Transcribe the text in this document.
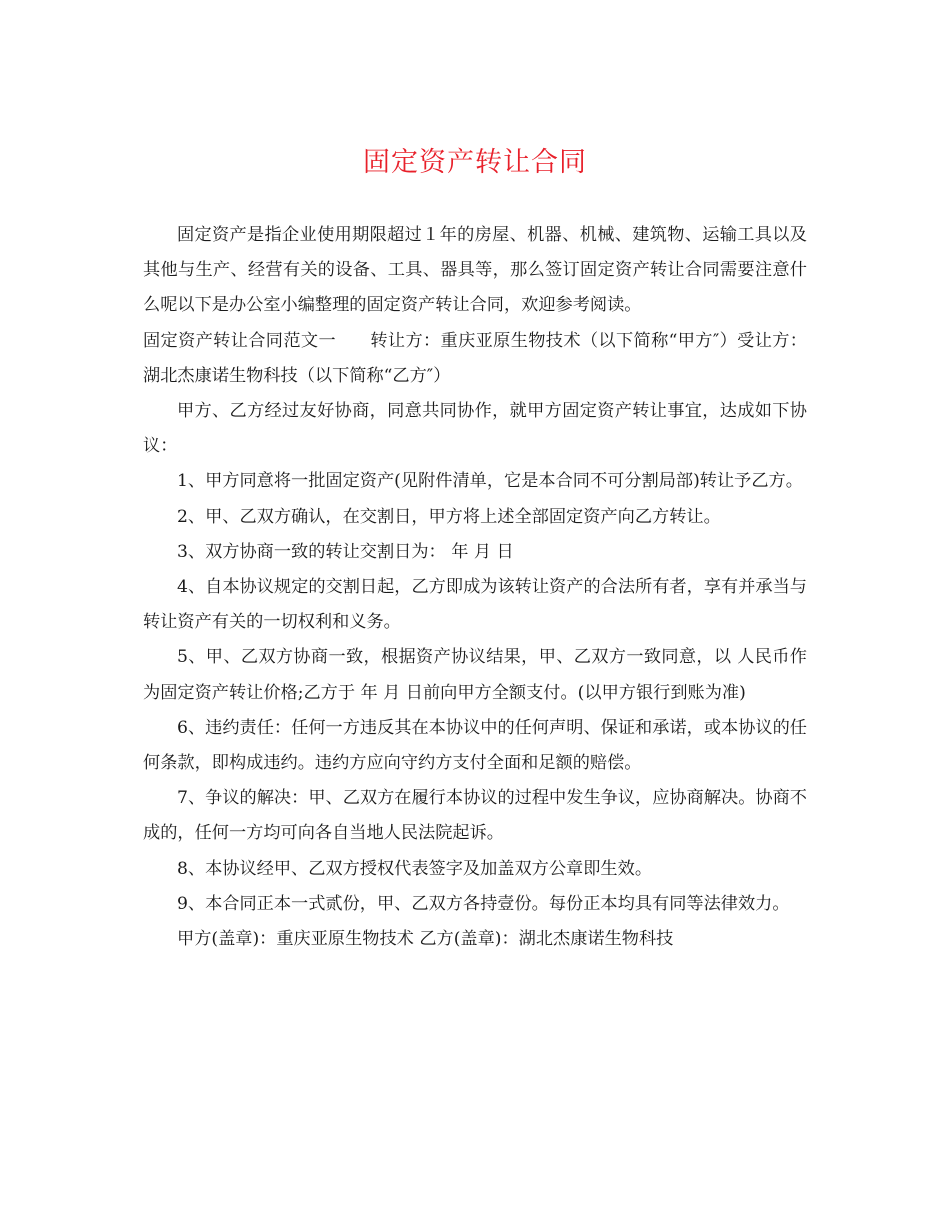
固定资产转让合同

固定资产是指企业使用期限超过１年的房屋、机器、机械、建筑物、运输工具以及其他与生产、经营有关的设备、工具、器具等，那么签订固定资产转让合同需要注意什么呢以下是办公室小编整理的固定资产转让合同，欢迎参考阅读。

固定资产转让合同范文一 转让方：重庆亚原生物技术（以下简称“甲方″）受让方：湖北杰康诺生物科技（以下简称“乙方″）

甲方、乙方经过友好协商，同意共同协作，就甲方固定资产转让事宜，达成如下协议：

1、甲方同意将一批固定资产(见附件清单，它是本合同不可分割局部)转让予乙方。

2、甲、乙双方确认，在交割日，甲方将上述全部固定资产向乙方转让。

3、双方协商一致的转让交割日为： 年 月 日

4、自本协议规定的交割日起，乙方即成为该转让资产的合法所有者，享有并承当与转让资产有关的一切权利和义务。

5、甲、乙双方协商一致，根据资产协议结果，甲、乙双方一致同意，以 人民币作为固定资产转让价格;乙方于 年 月 日前向甲方全额支付。(以甲方银行到账为准)

6、违约责任：任何一方违反其在本协议中的任何声明、保证和承诺，或本协议的任何条款，即构成违约。违约方应向守约方支付全面和足额的赔偿。

7、争议的解决：甲、乙双方在履行本协议的过程中发生争议，应协商解决。协商不成的，任何一方均可向各自当地人民法院起诉。

8、本协议经甲、乙双方授权代表签字及加盖双方公章即生效。

9、本合同正本一式贰份，甲、乙双方各持壹份。每份正本均具有同等法律效力。

甲方(盖章)：重庆亚原生物技术 乙方(盖章)：湖北杰康诺生物科技
